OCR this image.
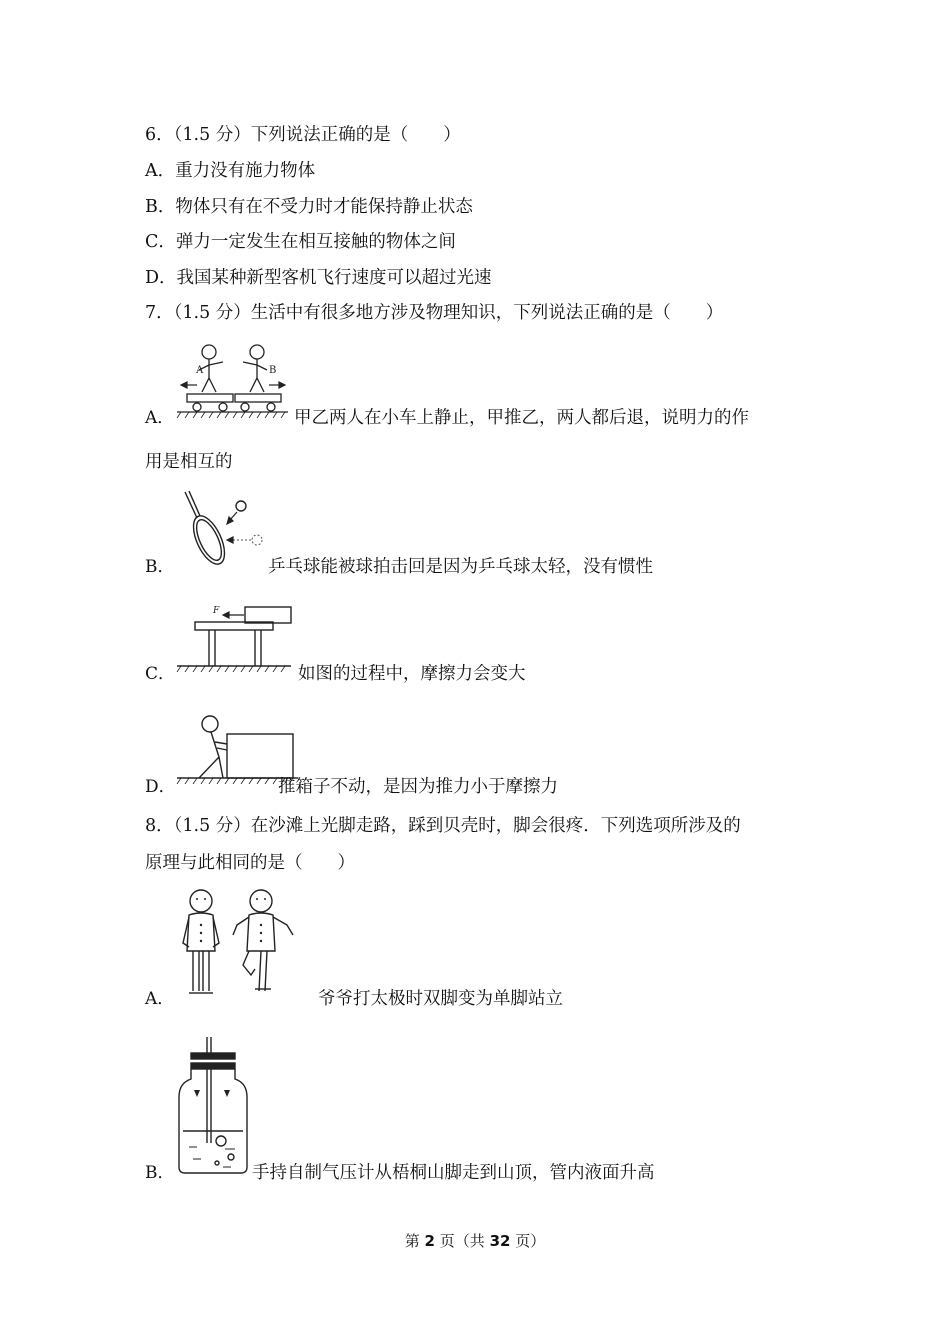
6．（1.5 分）下列说法正确的是（　　）
A．重力没有施力物体
B．物体只有在不受力时才能保持静止状态
C．弹力一定发生在相互接触的物体之间
D．我国某种新型客机飞行速度可以超过光速
7．（1.5 分）生活中有很多地方涉及物理知识，下列说法正确的是（　　）
A．
A	B
甲乙两人在小车上静止，甲推乙，两人都后退，说明力的作
用是相互的
B．	乒乓球能被球拍击回是因为乒乓球太轻，没有惯性
C．
F
如图的过程中，摩擦力会变大
D．	推箱子不动，是因为推力小于摩擦力
8．（1.5 分）在沙滩上光脚走路，踩到贝壳时，脚会很疼．下列选项所涉及的
原理与此相同的是（　　）
A．	爷爷打太极时双脚变为单脚站立
B．	手持自制气压计从梧桐山脚走到山顶，管内液面升高
第 2 页（共 32 页）
